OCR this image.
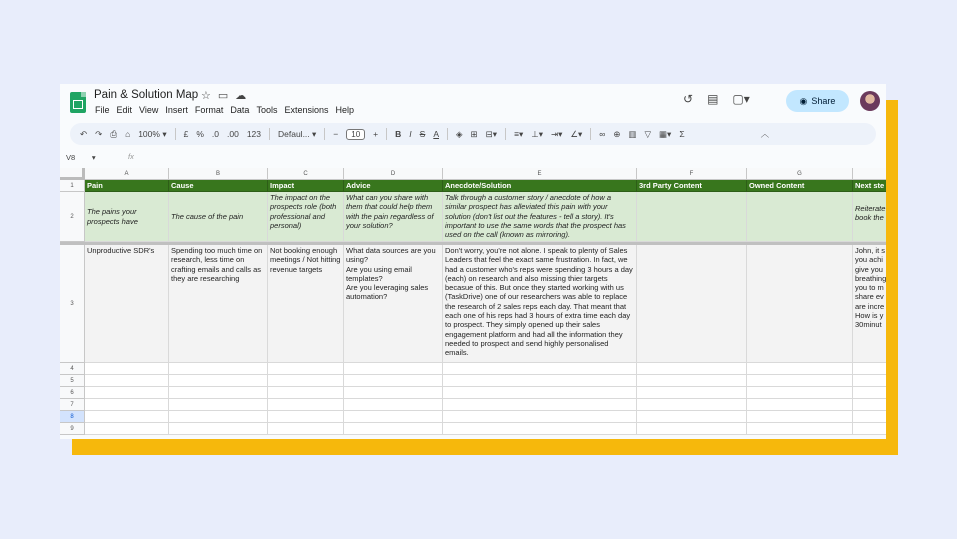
Pain & Solution Map ☆ ▭ ☁
File Edit View Insert Format Data Tools Extensions Help
↺ ▤ ▢▾	◉ Share
↶ ↷ ⎙ ⌂ 100% ▾ £ % .0 .00 123 Defaul... ▾ −	10	+ B I S A ◈ ⊞ ⊟▾ ≡▾ ⊥▾ ⇥▾ ∠▾ ∞ ⊕ ▥ ▽ ▦▾ Σ	︿
V8        ▾	fx
A	B	C	D	E	F	G
1
2
3
4
5
6
7
8
9
Pain	Cause	Impact	Advice	Anecdote/Solution	3rd Party Content	Owned Content	Next ste
The pains your prospects have
The cause of the pain
The impact on the prospects role (both professional and personal)
What can you share with them that could help them with the pain regardless of your solution?
Talk through a customer story / anecdote of how a similar prospect has alleviated this pain with your solution (don't list out the features - tell a story). It's important to use the same words that the prospect has used on the call (known as mirroring).
Reiterate
book the
Unproductive SDR's	Spending too much time on research, less time on crafting emails and calls as they are researching
Not booking enough meetings / Not hitting revenue targets
What data sources are you using?
Are you using email templates?
Are you leveraging sales automation?
Don't worry, you're not alone. I speak to plenty of Sales Leaders that feel the exact same frustration. In fact, we had a customer who's reps were spending 3 hours a day (each) on research and also missing thier targets becasue of this. But once they started working with us (TaskDrive) one of our researchers was able to replace the research of 2 sales reps each day. That meant that each one of his reps had 3 hours of extra time each day to prospect. They simply opened up their sales engagement platform and had all the information they needed to prospect and send highly personalised emails.
John, it s
you achi
give you
breathing
you to m
share ev
are incre
How is y
30minut
